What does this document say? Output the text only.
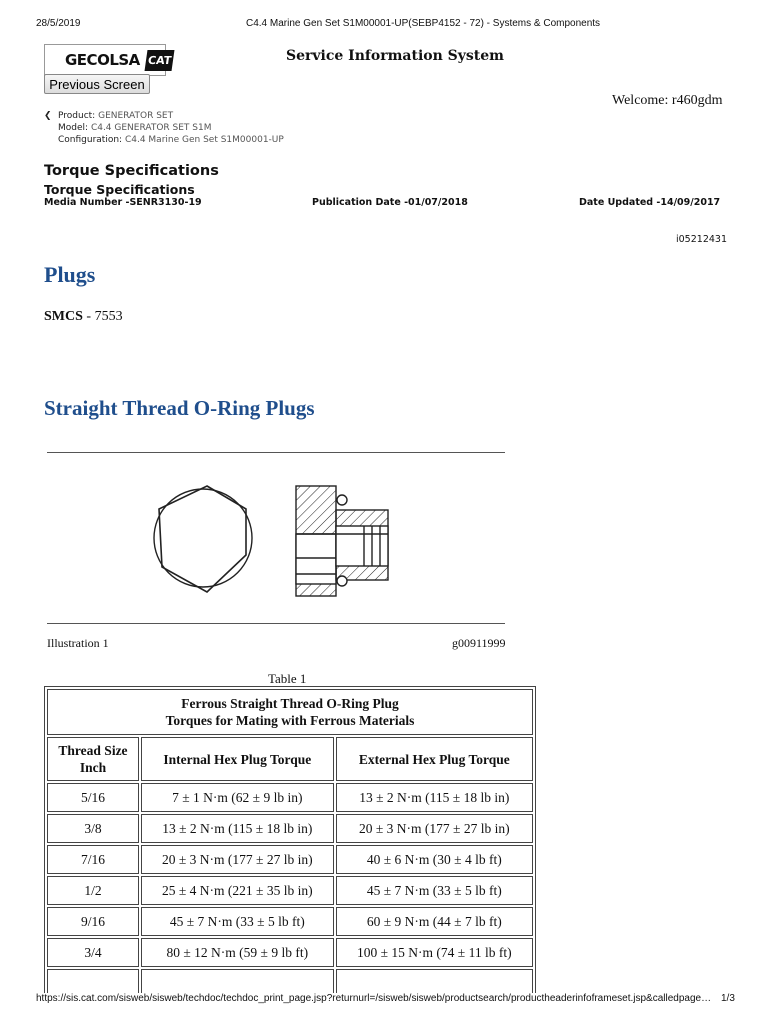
28/5/2019	C4.4 Marine Gen Set S1M00001-UP(SEBP4152 - 72) - Systems & Components
GECOLSA CAT	Service Information System
Previous Screen
Welcome: r460gdm
❮ Product: GENERATOR SET
Model: C4.4 GENERATOR SET S1M
Configuration: C4.4 Marine Gen Set S1M00001-UP
Torque Specifications
Torque Specifications
Media Number -SENR3130-19	Publication Date -01/07/2018	Date Updated -14/09/2017
i05212431
Plugs
SMCS - 7553
Straight Thread O-Ring Plugs
Illustration 1	g00911999
Table 1
Ferrous Straight Thread O-Ring Plug
Torques for Mating with Ferrous Materials		

Thread Size
Inch	Internal Hex Plug Torque	External Hex Plug Torque
5/16	7 ± 1 N·m (62 ± 9 lb in)	13 ± 2 N·m (115 ± 18 lb in)
3/8	13 ± 2 N·m (115 ± 18 lb in)	20 ± 3 N·m (177 ± 27 lb in)
7/16	20 ± 3 N·m (177 ± 27 lb in)	40 ± 6 N·m (30 ± 4 lb ft)
1/2	25 ± 4 N·m (221 ± 35 lb in)	45 ± 7 N·m (33 ± 5 lb ft)
9/16	45 ± 7 N·m (33 ± 5 lb ft)	60 ± 9 N·m (44 ± 7 lb ft)
3/4	80 ± 12 N·m (59 ± 9 lb ft)	100 ± 15 N·m (74 ± 11 lb ft)

https://sis.cat.com/sisweb/sisweb/techdoc/techdoc_print_page.jsp?returnurl=/sisweb/sisweb/productsearch/productheaderinfoframeset.jsp&calledpage… 1/3
